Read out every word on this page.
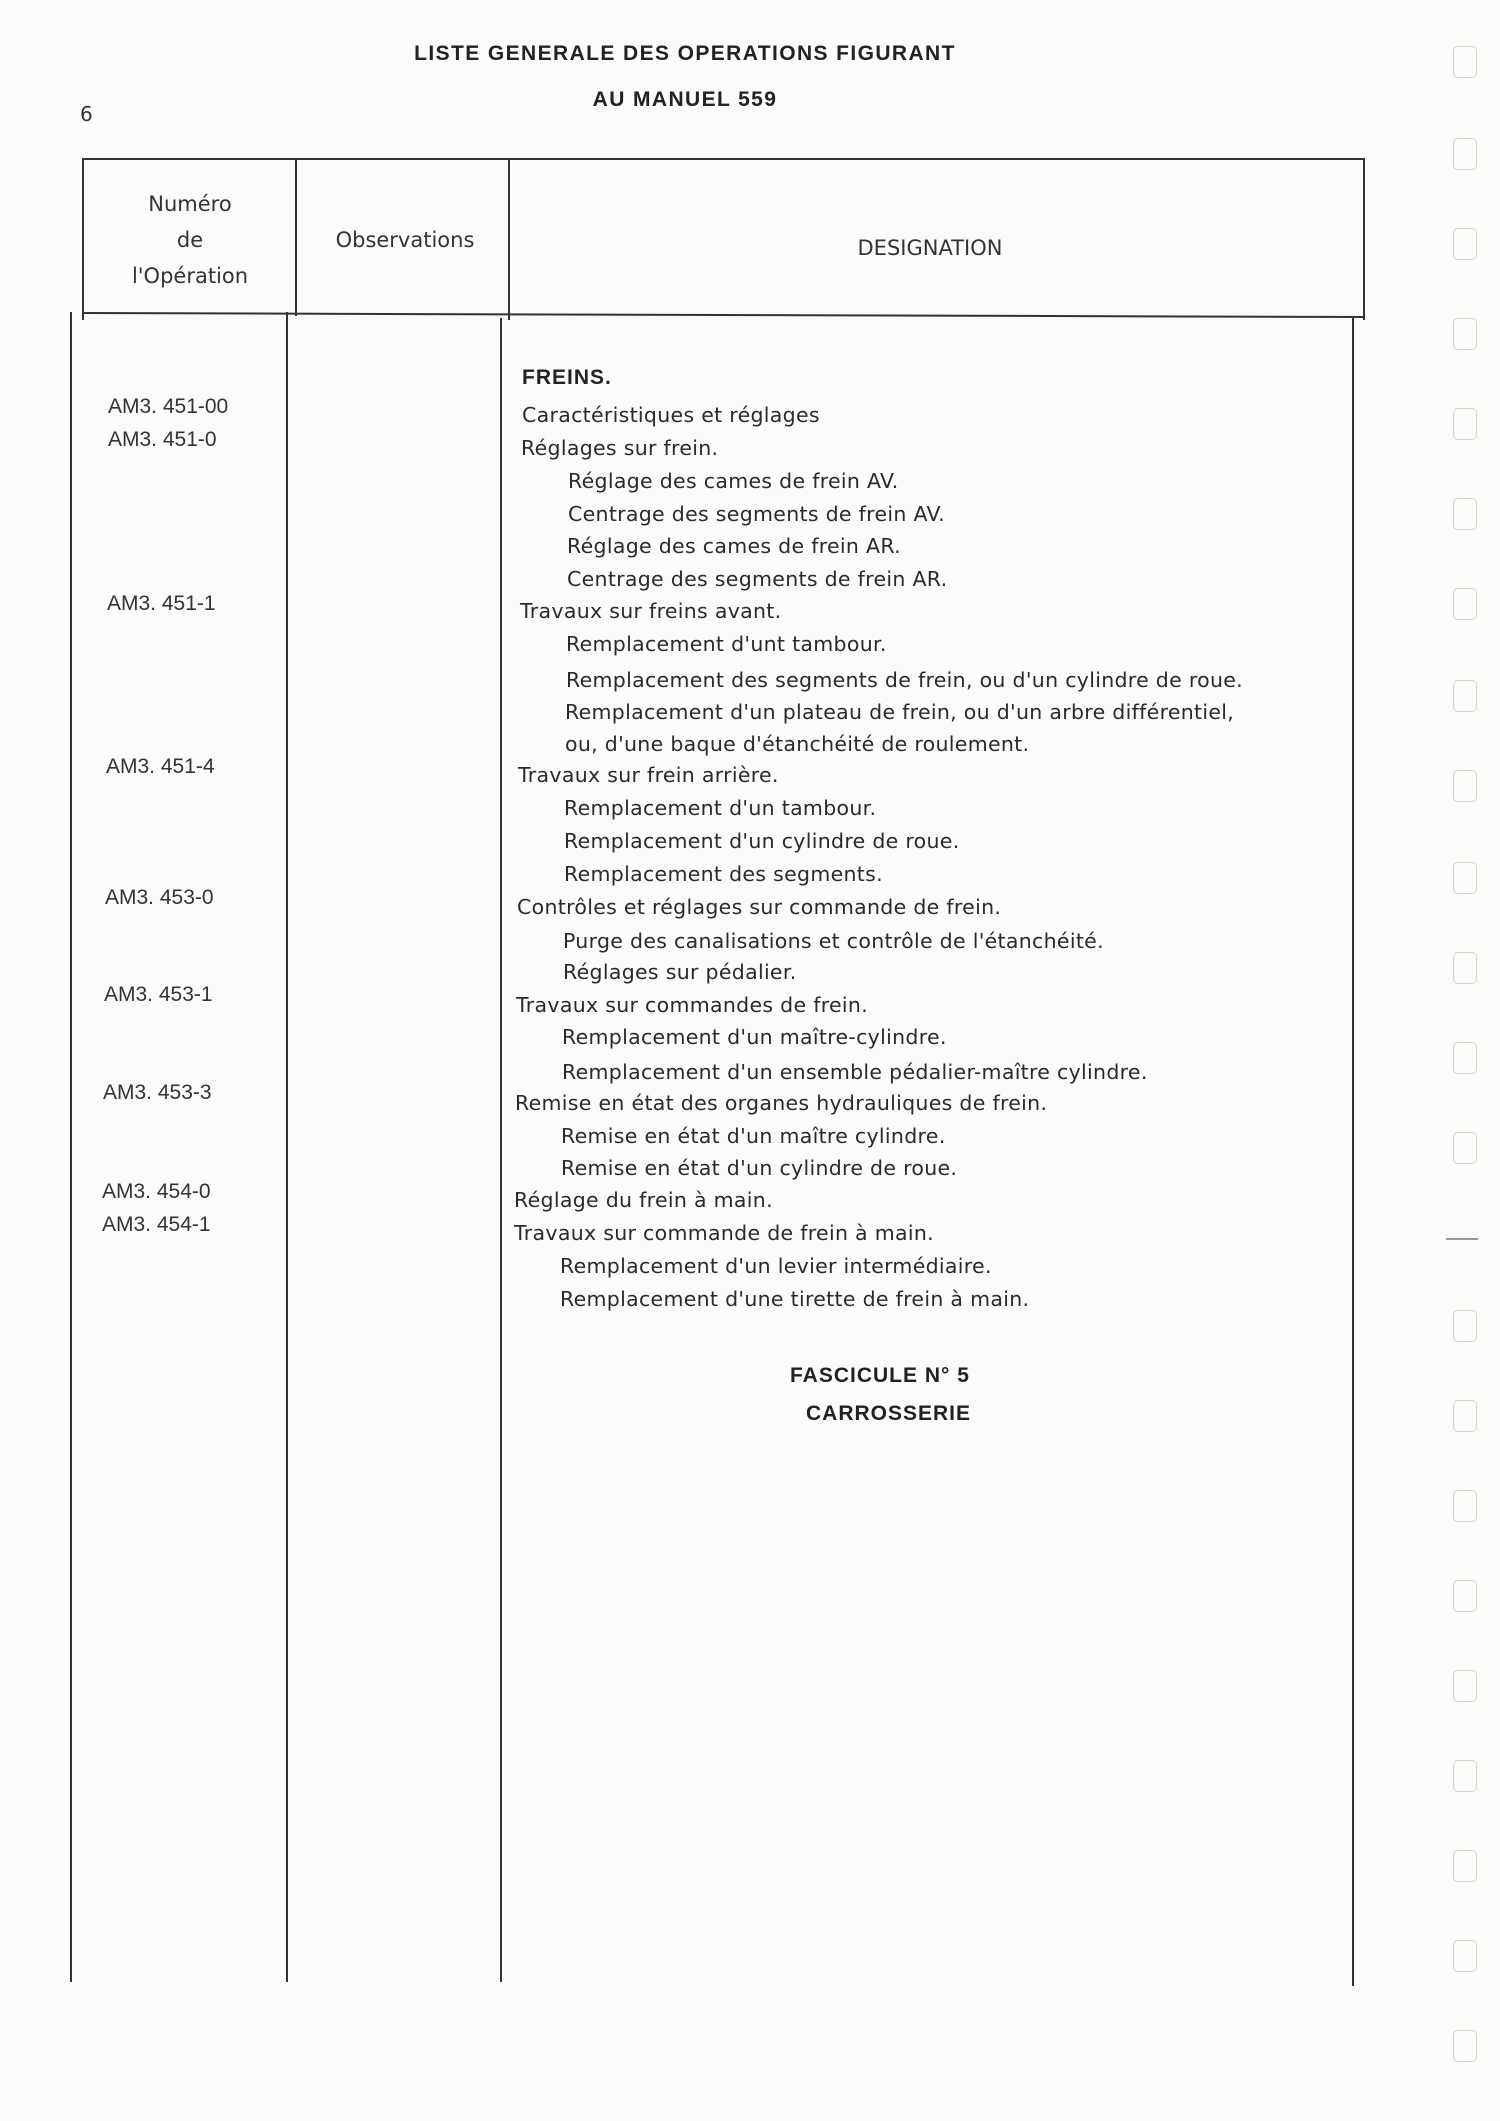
6
LISTE GENERALE DES OPERATIONS FIGURANT
AU MANUEL 559
Numéro
de
l'Opération
Observations	DESIGNATION
AM3. 451-00
AM3. 451-0
AM3. 451-1
AM3. 451-4
AM3. 453-0
AM3. 453-1
AM3. 453-3
AM3. 454-0
AM3. 454-1
FREINS.
Caractéristiques et réglages
Réglages sur frein.
Réglage des cames de frein AV.
Centrage des segments de frein AV.
Réglage des cames de frein AR.
Centrage des segments de frein AR.
Travaux sur freins avant.
Remplacement d'unt tambour.
Remplacement des segments de frein, ou d'un cylindre de roue.
Remplacement d'un plateau de frein, ou d'un arbre différentiel,
ou, d'une baque d'étanchéité de roulement.
Travaux sur frein arrière.
Remplacement d'un tambour.
Remplacement d'un cylindre de roue.
Remplacement des segments.
Contrôles et réglages sur commande de frein.
Purge des canalisations et contrôle de l'étanchéité.
Réglages sur pédalier.
Travaux sur commandes de frein.
Remplacement d'un maître-cylindre.
Remplacement d'un ensemble pédalier-maître cylindre.
Remise en état des organes hydrauliques de frein.
Remise en état d'un maître cylindre.
Remise en état d'un cylindre de roue.
Réglage du frein à main.
Travaux sur commande de frein à main.
Remplacement d'un levier intermédiaire.
Remplacement d'une tirette de frein à main.
FASCICULE N° 5
CARROSSERIE
